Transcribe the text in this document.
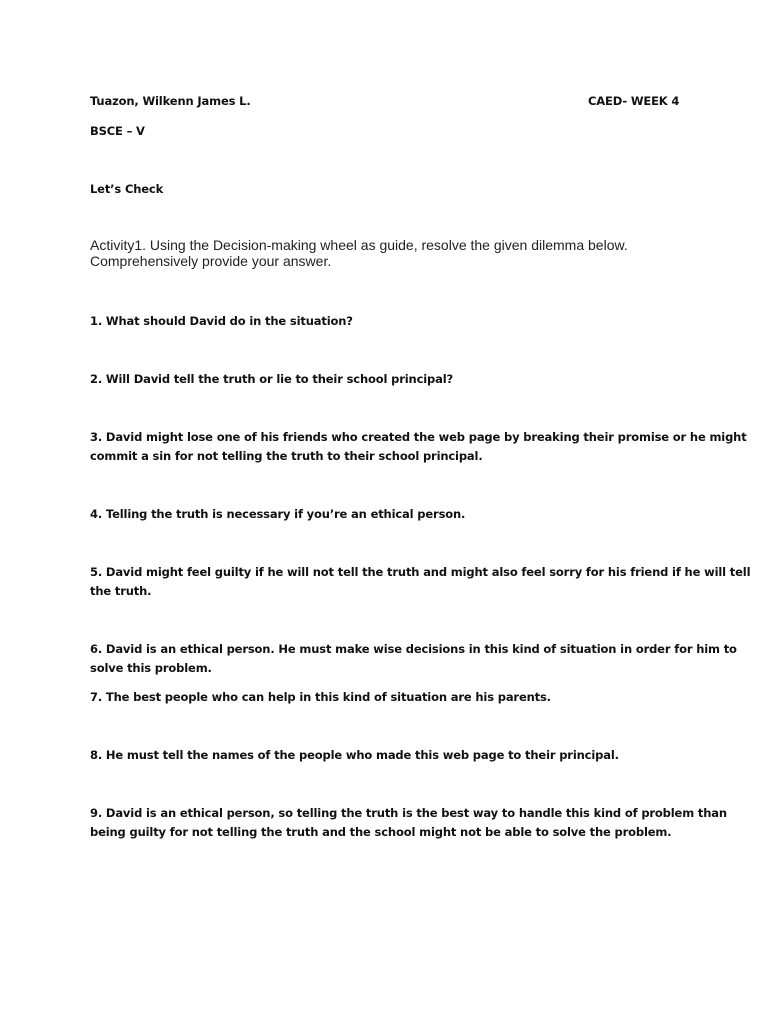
Tuazon, Wilkenn James L.	CAED- WEEK 4
BSCE – V
Let’s Check
Activity1. Using the Decision-making wheel as guide, resolve the given dilemma below.
Comprehensively provide your answer.
1. What should David do in the situation?
2. Will David tell the truth or lie to their school principal?
3. David might lose one of his friends who created the web page by breaking their promise or he might
commit a sin for not telling the truth to their school principal.
4. Telling the truth is necessary if you’re an ethical person.
5. David might feel guilty if he will not tell the truth and might also feel sorry for his friend if he will tell
the truth.
6. David is an ethical person. He must make wise decisions in this kind of situation in order for him to
solve this problem.
7. The best people who can help in this kind of situation are his parents.
8. He must tell the names of the people who made this web page to their principal.
9. David is an ethical person, so telling the truth is the best way to handle this kind of problem than
being guilty for not telling the truth and the school might not be able to solve the problem.
